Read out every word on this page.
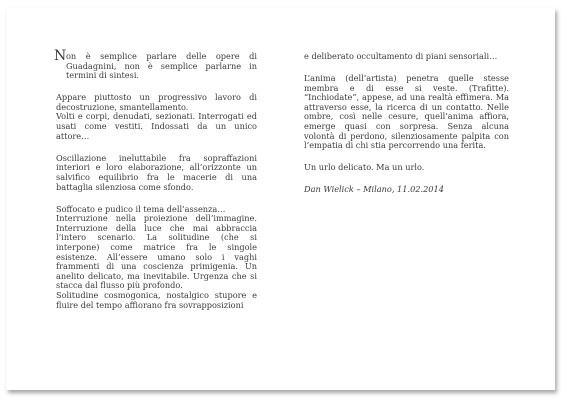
N on è semplice parlare delle opere di Guadagnini, non è semplice parlarne in termini di sintesi.

Appare piuttosto un progressivo lavoro di decostruzione, smantellamento.

Volti e corpi, denudati, sezionati. Interrogati ed usati come vestiti. Indossati da un unico attore…

Oscillazione ineluttabile fra sopraffazioni interiori e loro elaborazione, all’orizzonte un salvifico equilibrio fra le macerie di una battaglia silenziosa come sfondo.

Soffocato e pudico il tema dell’assenza…

Interruzione nella proiezione dell’immagine. Interruzione della luce che mai abbraccia l’intero scenario. La solitudine (che si interpone) come matrice fra le singole esistenze. All’essere umano solo i vaghi frammenti di una coscienza primigenia. Un anelito delicato, ma inevitabile. Urgenza che si stacca dal flusso più profondo.

Solitudine cosmogonica, nostalgico stupore e fluire del tempo affiorano fra sovrapposizioni

e deliberato occultamento di piani sensoriali…

L’anima (dell’artista) penetra quelle stesse membra e di esse si veste. (Trafitte). “Inchiodate”, appese, ad una realtà effimera. Ma attraverso esse, la ricerca di un contatto. Nelle ombre, così nelle cesure, quell’anima affiora, emerge quasi con sorpresa. Senza alcuna volontà di perdono, silenziosamente palpita con l’empatia di chi stia percorrendo una ferita.

Un urlo delicato. Ma un urlo.

Dan Wielick – Milano, 11.02.2014
